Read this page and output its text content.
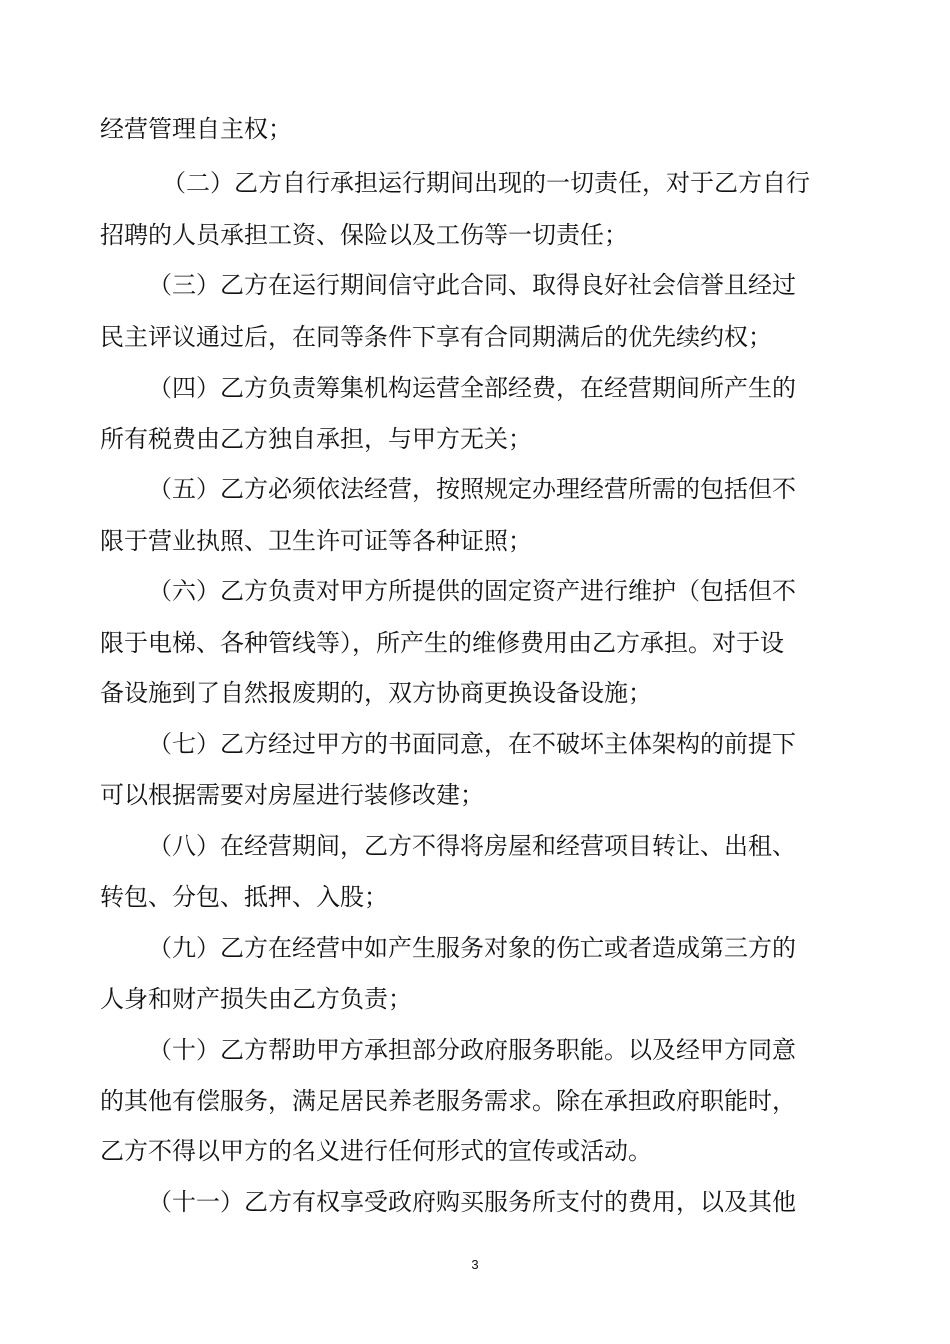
经营管理自主权；
（二）乙方自行承担运行期间出现的一切责任，对于乙方自行
招聘的人员承担工资、保险以及工伤等一切责任；
（三）乙方在运行期间信守此合同、取得良好社会信誉且经过
民主评议通过后，在同等条件下享有合同期满后的优先续约权；
（四）乙方负责筹集机构运营全部经费，在经营期间所产生的
所有税费由乙方独自承担，与甲方无关；
（五）乙方必须依法经营，按照规定办理经营所需的包括但不
限于营业执照、卫生许可证等各种证照；
（六）乙方负责对甲方所提供的固定资产进行维护（包括但不
限于电梯、各种管线等），所产生的维修费用由乙方承担。对于设
备设施到了自然报废期的，双方协商更换设备设施；
（七）乙方经过甲方的书面同意，在不破坏主体架构的前提下
可以根据需要对房屋进行装修改建；
（八）在经营期间，乙方不得将房屋和经营项目转让、出租、
转包、分包、抵押、入股；
（九）乙方在经营中如产生服务对象的伤亡或者造成第三方的
人身和财产损失由乙方负责；
（十）乙方帮助甲方承担部分政府服务职能。以及经甲方同意
的其他有偿服务，满足居民养老服务需求。除在承担政府职能时，
乙方不得以甲方的名义进行任何形式的宣传或活动。
（十一）乙方有权享受政府购买服务所支付的费用，以及其他
3
